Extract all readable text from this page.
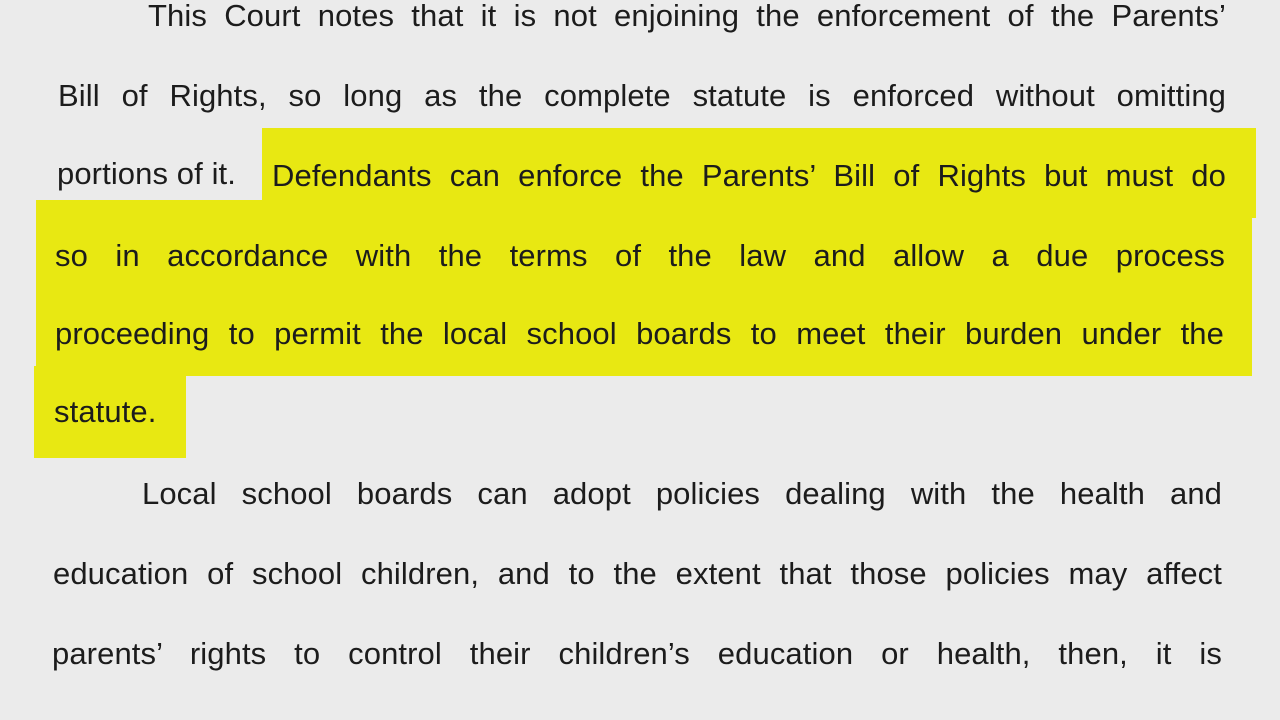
This Court notes that it is not enjoining the enforcement of the Parents’
Bill of Rights, so long as the complete statute is enforced without omitting
portions of it. Defendants can enforce the Parents’ Bill of Rights but must do
so in accordance with the terms of the law and allow a due process
proceeding to permit the local school boards to meet their burden under the
statute.
Local school boards can adopt policies dealing with the health and
education of school children, and to the extent that those policies may affect
parents’ rights to control their children’s education or health, then, it is
